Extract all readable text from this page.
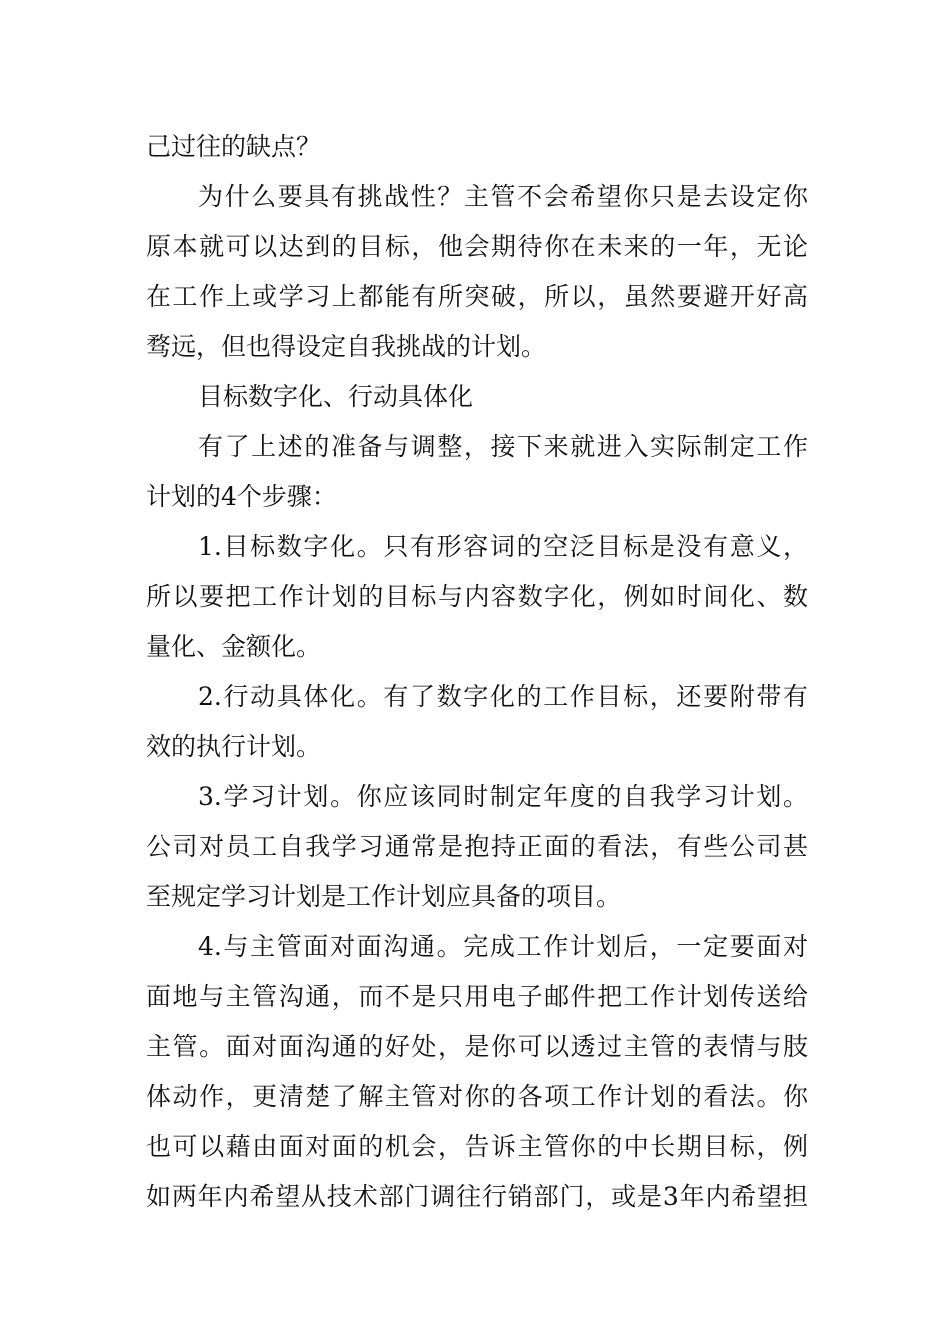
己过往的缺点？
为什么要具有挑战性？主管不会希望你只是去设定你
原本就可以达到的目标，他会期待你在未来的一年，无论
在工作上或学习上都能有所突破，所以，虽然要避开好高
骛远，但也得设定自我挑战的计划。
目标数字化、行动具体化
有了上述的准备与调整，接下来就进入实际制定工作
计划的4个步骤：
1.目标数字化。只有形容词的空泛目标是没有意义，
所以要把工作计划的目标与内容数字化，例如时间化、数
量化、金额化。
2.行动具体化。有了数字化的工作目标，还要附带有
效的执行计划。
3.学习计划。你应该同时制定年度的自我学习计划。
公司对员工自我学习通常是抱持正面的看法，有些公司甚
至规定学习计划是工作计划应具备的项目。
4.与主管面对面沟通。完成工作计划后，一定要面对
面地与主管沟通，而不是只用电子邮件把工作计划传送给
主管。面对面沟通的好处，是你可以透过主管的表情与肢
体动作，更清楚了解主管对你的各项工作计划的看法。你
也可以藉由面对面的机会，告诉主管你的中长期目标，例
如两年内希望从技术部门调往行销部门，或是3年内希望担
